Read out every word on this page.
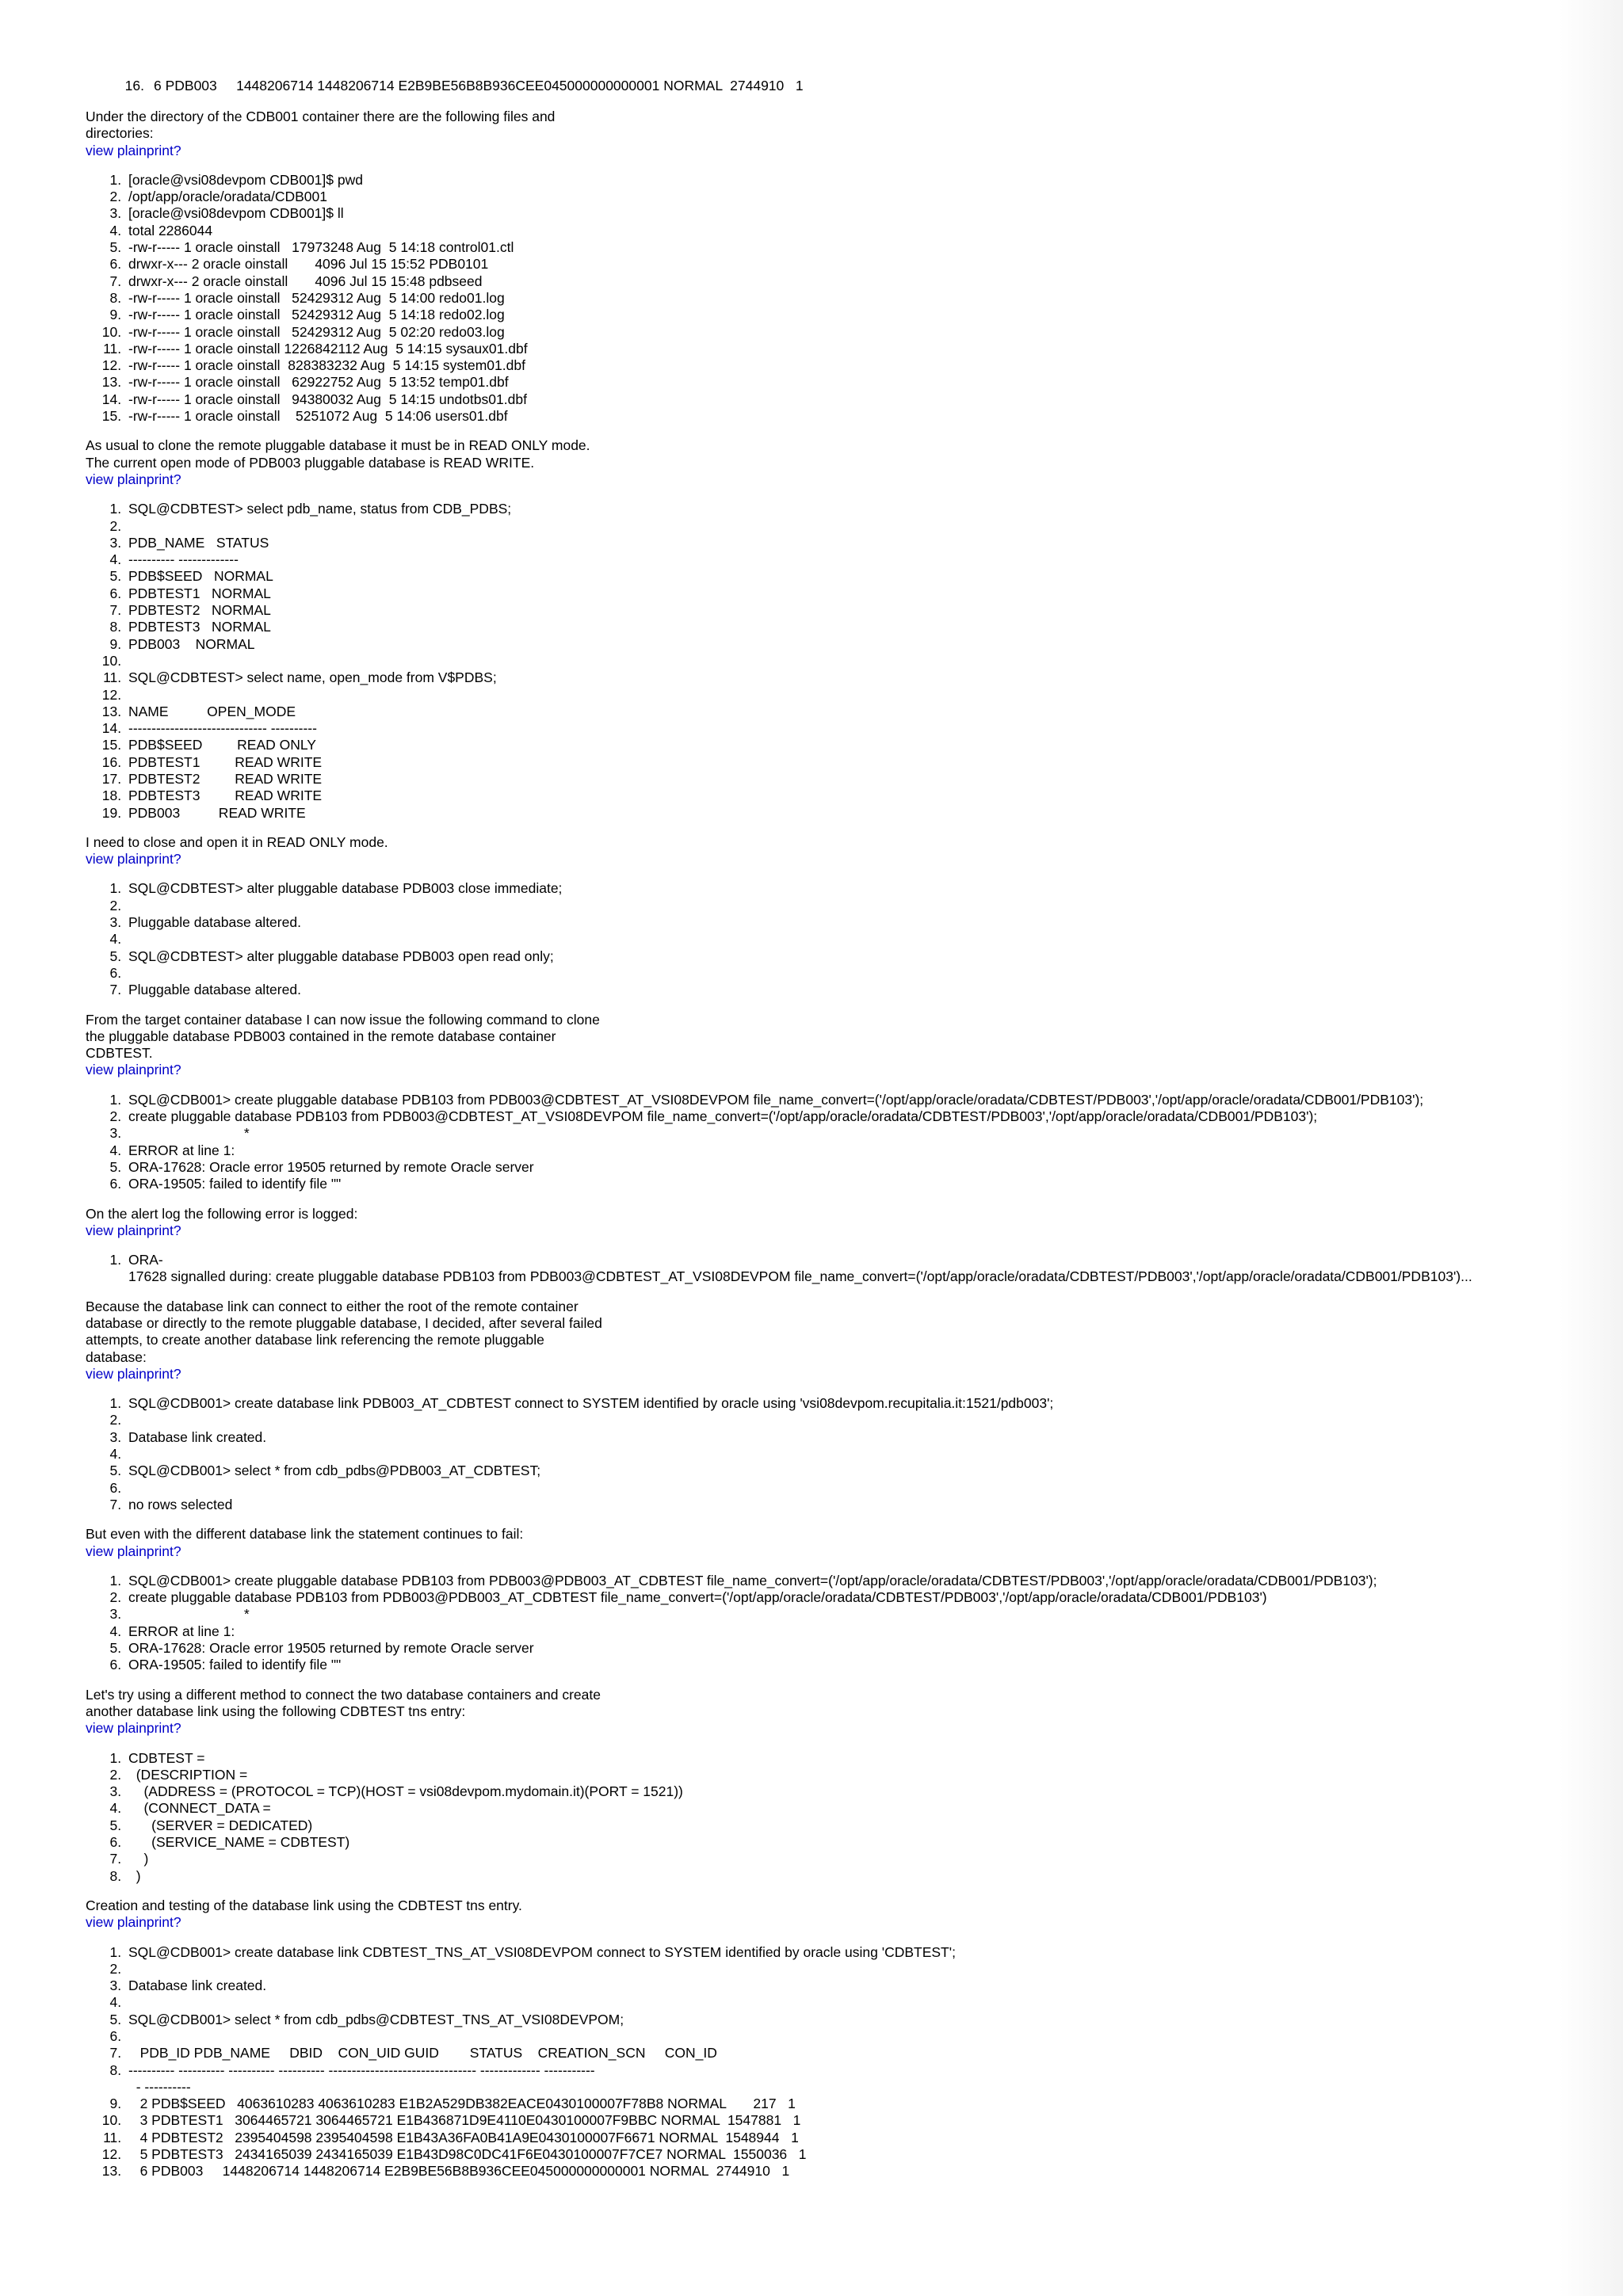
16. 6 PDB003     1448206714 1448206714 E2B9BE56B8B936CEE045000000000001 NORMAL  2744910   1

Under the directory of the CDB001 container there are the following files and
directories:

view plainprint?
1. [oracle@vsi08devpom CDB001]$ pwd
2. /opt/app/oracle/oradata/CDB001
3. [oracle@vsi08devpom CDB001]$ ll
4. total 2286044
5. -rw-r----- 1 oracle oinstall   17973248 Aug  5 14:18 control01.ctl
6. drwxr-x--- 2 oracle oinstall       4096 Jul 15 15:52 PDB0101
7. drwxr-x--- 2 oracle oinstall       4096 Jul 15 15:48 pdbseed
8. -rw-r----- 1 oracle oinstall   52429312 Aug  5 14:00 redo01.log
9. -rw-r----- 1 oracle oinstall   52429312 Aug  5 14:18 redo02.log
10. -rw-r----- 1 oracle oinstall   52429312 Aug  5 02:20 redo03.log
11. -rw-r----- 1 oracle oinstall 1226842112 Aug  5 14:15 sysaux01.dbf
12. -rw-r----- 1 oracle oinstall  828383232 Aug  5 14:15 system01.dbf
13. -rw-r----- 1 oracle oinstall   62922752 Aug  5 13:52 temp01.dbf
14. -rw-r----- 1 oracle oinstall   94380032 Aug  5 14:15 undotbs01.dbf
15. -rw-r----- 1 oracle oinstall    5251072 Aug  5 14:06 users01.dbf

As usual to clone the remote pluggable database it must be in READ ONLY mode.
The current open mode of PDB003 pluggable database is READ WRITE.

view plainprint?
1. SQL@CDBTEST> select pdb_name, status from CDB_PDBS;
2.
3. PDB_NAME   STATUS
4. ---------- -------------
5. PDB$SEED   NORMAL
6. PDBTEST1   NORMAL
7. PDBTEST2   NORMAL
8. PDBTEST3   NORMAL
9. PDB003    NORMAL
10.
11. SQL@CDBTEST> select name, open_mode from V$PDBS;
12.
13. NAME          OPEN_MODE
14. ------------------------------ ----------
15. PDB$SEED         READ ONLY
16. PDBTEST1         READ WRITE
17. PDBTEST2         READ WRITE
18. PDBTEST3         READ WRITE
19. PDB003          READ WRITE

I need to close and open it in READ ONLY mode.

view plainprint?
1. SQL@CDBTEST> alter pluggable database PDB003 close immediate;
2.
3. Pluggable database altered.
4.
5. SQL@CDBTEST> alter pluggable database PDB003 open read only;
6.
7. Pluggable database altered.

From the target container database I can now issue the following command to clone
the pluggable database PDB003 contained in the remote database container
CDBTEST.

view plainprint?
1. SQL@CDB001> create pluggable database PDB103 from PDB003@CDBTEST_AT_VSI08DEVPOM file_name_convert=('/opt/app/oracle/oradata/CDBTEST/PDB003','/opt/app/oracle/oradata/CDB001/PDB103');
2. create pluggable database PDB103 from PDB003@CDBTEST_AT_VSI08DEVPOM file_name_convert=('/opt/app/oracle/oradata/CDBTEST/PDB003','/opt/app/oracle/oradata/CDB001/PDB103');
3.                               *
4. ERROR at line 1:
5. ORA-17628: Oracle error 19505 returned by remote Oracle server
6. ORA-19505: failed to identify file ""

On the alert log the following error is logged:

view plainprint?
1. ORA-
17628 signalled during: create pluggable database PDB103 from PDB003@CDBTEST_AT_VSI08DEVPOM file_name_convert=('/opt/app/oracle/oradata/CDBTEST/PDB003','/opt/app/oracle/oradata/CDB001/PDB103')...

Because the database link can connect to either the root of the remote container
database or directly to the remote pluggable database, I decided, after several failed
attempts, to create another database link referencing the remote pluggable
database:

view plainprint?
1. SQL@CDB001> create database link PDB003_AT_CDBTEST connect to SYSTEM identified by oracle using 'vsi08devpom.recupitalia.it:1521/pdb003';
2.
3. Database link created.
4.
5. SQL@CDB001> select * from cdb_pdbs@PDB003_AT_CDBTEST;
6.
7. no rows selected

But even with the different database link the statement continues to fail:

view plainprint?
1. SQL@CDB001> create pluggable database PDB103 from PDB003@PDB003_AT_CDBTEST file_name_convert=('/opt/app/oracle/oradata/CDBTEST/PDB003','/opt/app/oracle/oradata/CDB001/PDB103');
2. create pluggable database PDB103 from PDB003@PDB003_AT_CDBTEST file_name_convert=('/opt/app/oracle/oradata/CDBTEST/PDB003','/opt/app/oracle/oradata/CDB001/PDB103')
3.                               *
4. ERROR at line 1:
5. ORA-17628: Oracle error 19505 returned by remote Oracle server
6. ORA-19505: failed to identify file ""

Let's try using a different method to connect the two database containers and create
another database link using the following CDBTEST tns entry:

view plainprint?
1. CDBTEST =
2.   (DESCRIPTION =
3.     (ADDRESS = (PROTOCOL = TCP)(HOST = vsi08devpom.mydomain.it)(PORT = 1521))
4.     (CONNECT_DATA =
5.       (SERVER = DEDICATED)
6.       (SERVICE_NAME = CDBTEST)
7.     )
8.   )

Creation and testing of the database link using the CDBTEST tns entry.

view plainprint?
1. SQL@CDB001> create database link CDBTEST_TNS_AT_VSI08DEVPOM connect to SYSTEM identified by oracle using 'CDBTEST';
2.
3. Database link created.
4.
5. SQL@CDB001> select * from cdb_pdbs@CDBTEST_TNS_AT_VSI08DEVPOM;
6.
7.    PDB_ID PDB_NAME     DBID    CON_UID GUID        STATUS    CREATION_SCN     CON_ID
8. ---------- ---------- ---------- ---------- -------------------------------- ------------- -----------
- ----------
9.    2 PDB$SEED   4063610283 4063610283 E1B2A529DB382EACE0430100007F78B8 NORMAL       217   1
10.    3 PDBTEST1   3064465721 3064465721 E1B436871D9E4110E0430100007F9BBC NORMAL  1547881   1
11.    4 PDBTEST2   2395404598 2395404598 E1B43A36FA0B41A9E0430100007F6671 NORMAL  1548944   1
12.    5 PDBTEST3   2434165039 2434165039 E1B43D98C0DC41F6E0430100007F7CE7 NORMAL  1550036   1
13.    6 PDB003     1448206714 1448206714 E2B9BE56B8B936CEE045000000000001 NORMAL  2744910   1
